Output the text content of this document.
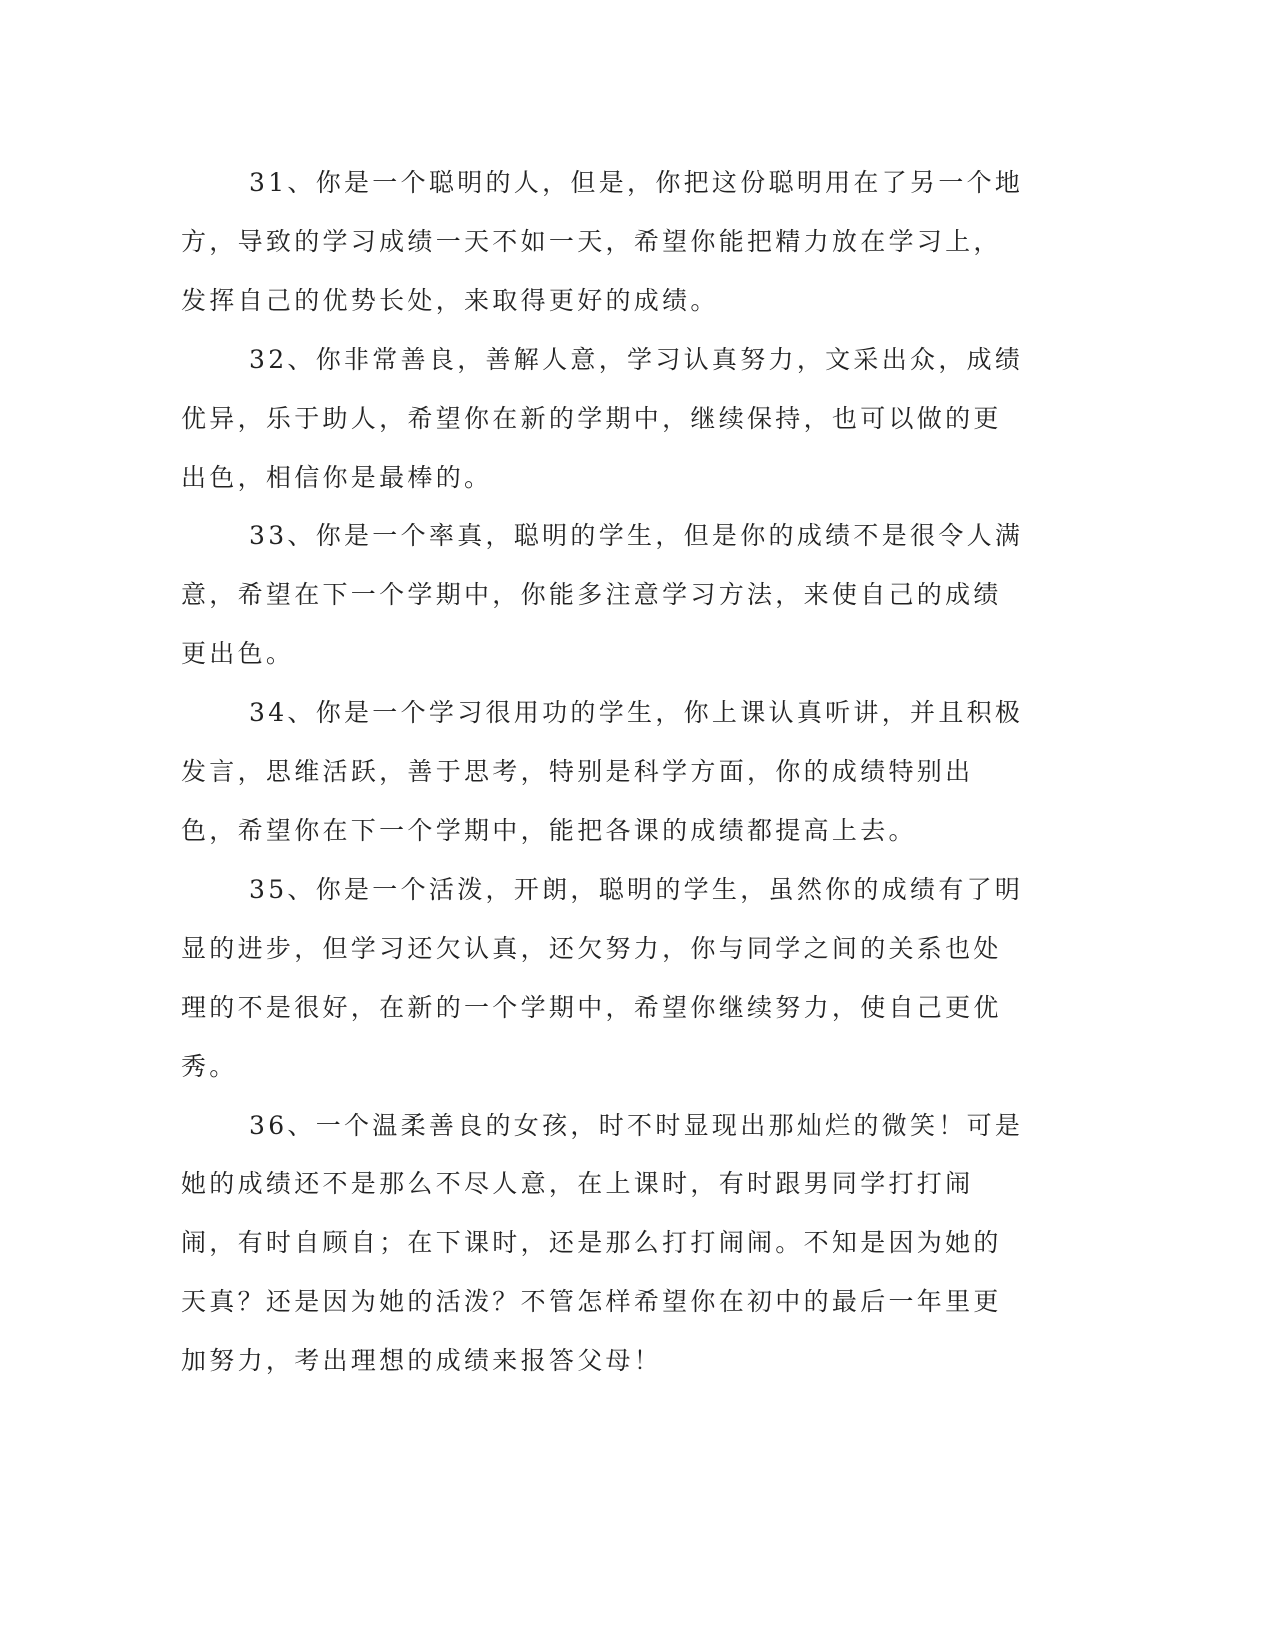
31、你是一个聪明的人，但是，你把这份聪明用在了另一个地方，导致的学习成绩一天不如一天，希望你能把精力放在学习上，发挥自己的优势长处，来取得更好的成绩。

32、你非常善良，善解人意，学习认真努力，文采出众，成绩优异，乐于助人，希望你在新的学期中，继续保持，也可以做的更出色，相信你是最棒的。

33、你是一个率真，聪明的学生，但是你的成绩不是很令人满意，希望在下一个学期中，你能多注意学习方法，来使自己的成绩更出色。

34、你是一个学习很用功的学生，你上课认真听讲，并且积极发言，思维活跃，善于思考，特别是科学方面，你的成绩特别出色，希望你在下一个学期中，能把各课的成绩都提高上去。

35、你是一个活泼，开朗，聪明的学生，虽然你的成绩有了明显的进步，但学习还欠认真，还欠努力，你与同学之间的关系也处理的不是很好，在新的一个学期中，希望你继续努力，使自己更优秀。

36、一个温柔善良的女孩，时不时显现出那灿烂的微笑！可是她的成绩还不是那么不尽人意，在上课时，有时跟男同学打打闹闹，有时自顾自；在下课时，还是那么打打闹闹。不知是因为她的天真？还是因为她的活泼？不管怎样希望你在初中的最后一年里更加努力，考出理想的成绩来报答父母！
